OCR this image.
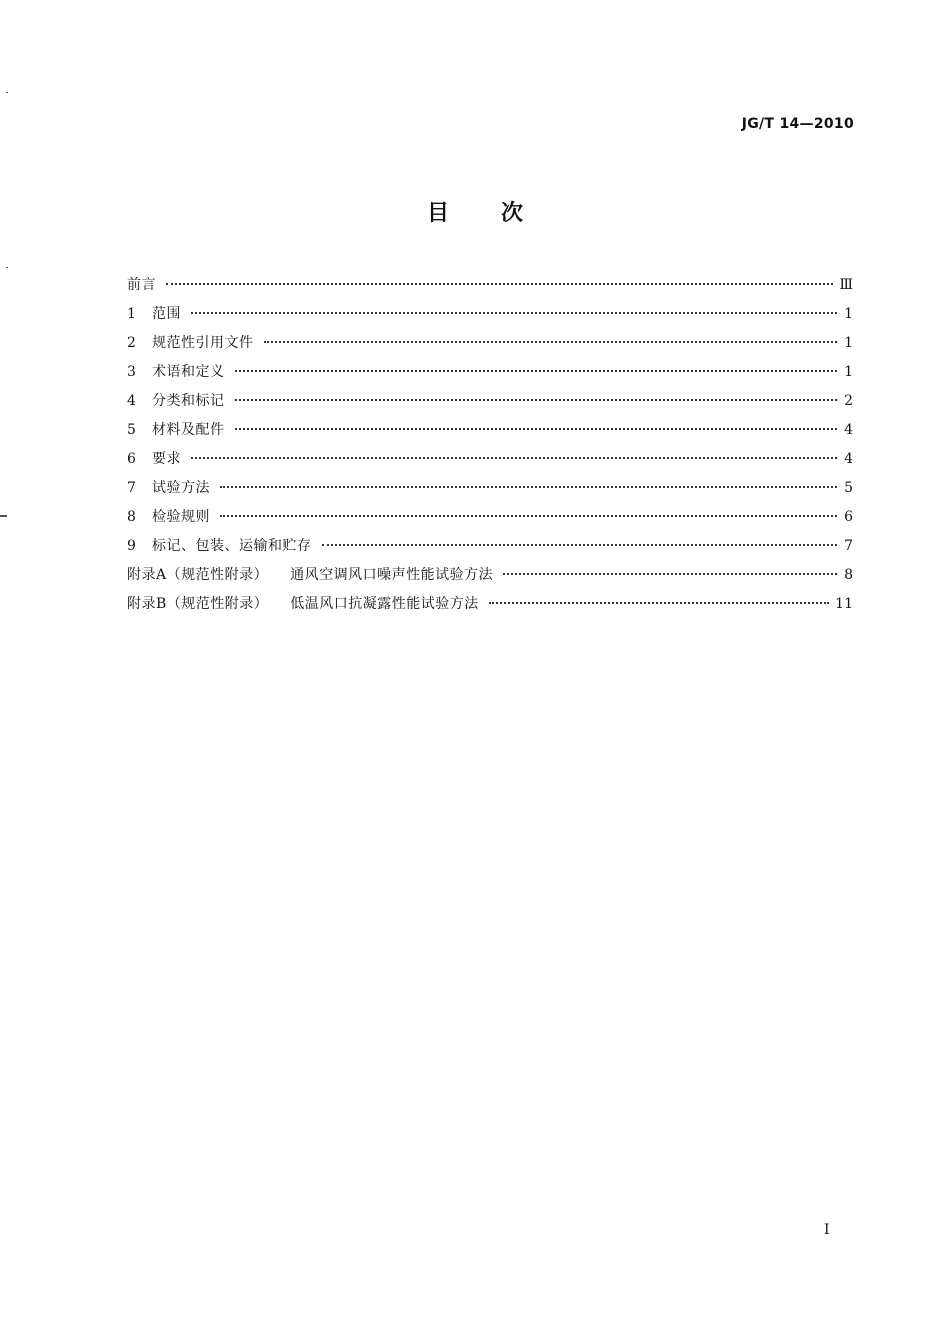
JG/T 14—2010
目 次
前言	Ⅲ
1	范围	1
2	规范性引用文件	1
3	术语和定义	1
4	分类和标记	2
5	材料及配件	4
6	要求	4
7	试验方法	5
8	检验规则	6
9	标记、包装、运输和贮存	7
附录A（规范性附录） 通风空调风口噪声性能试验方法	8
附录B（规范性附录） 低温风口抗凝露性能试验方法	11
I
